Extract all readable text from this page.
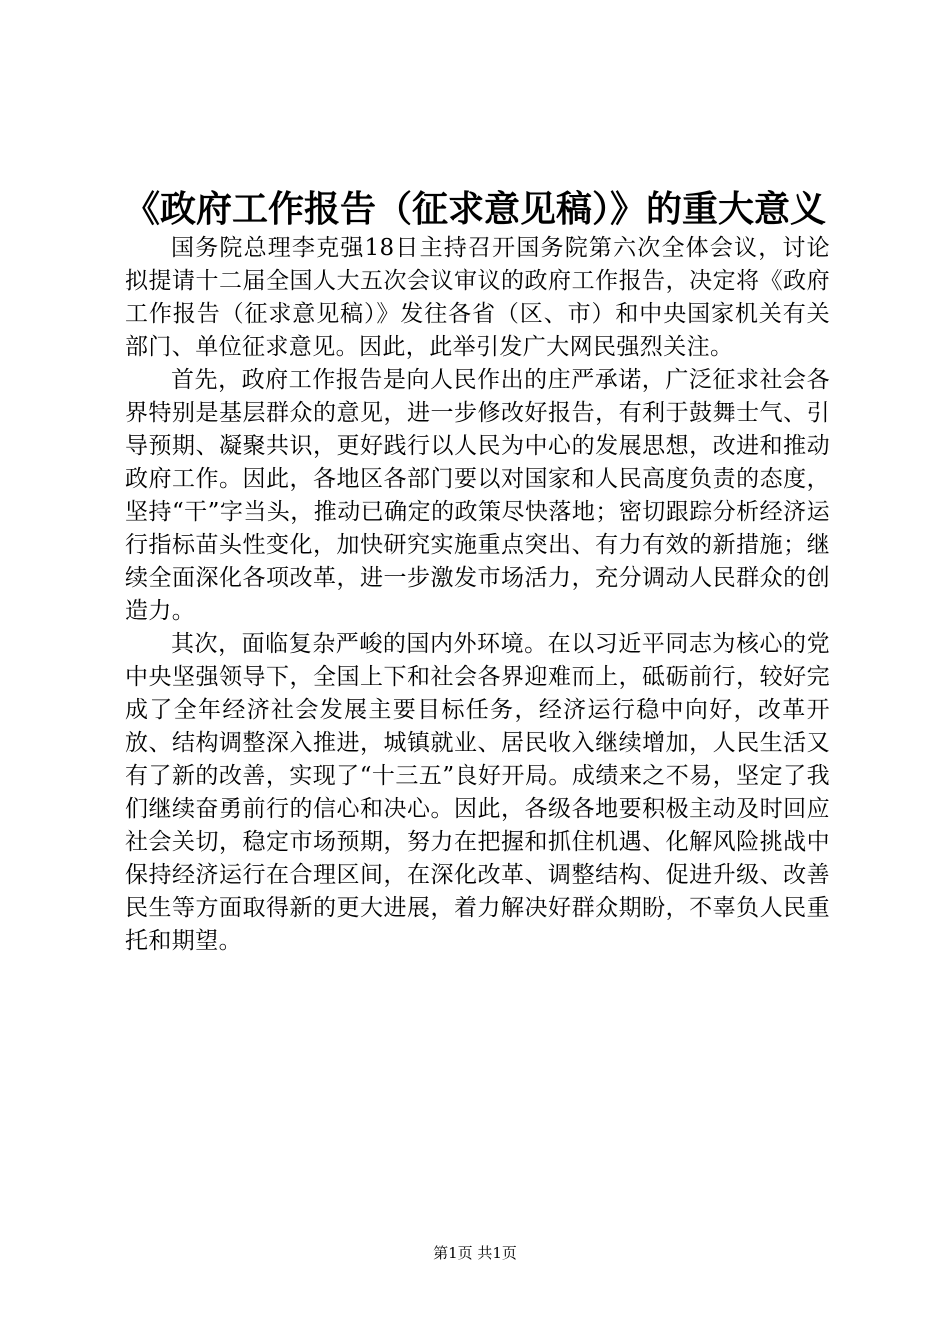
《政府工作报告（征求意见稿）》的重大意义

国务院总理李克强18日主持召开国务院第六次全体会议，讨论拟提请十二届全国人大五次会议审议的政府工作报告，决定将《政府工作报告（征求意见稿）》发往各省（区、市）和中央国家机关有关部门、单位征求意见。因此，此举引发广大网民强烈关注。

首先，政府工作报告是向人民作出的庄严承诺，广泛征求社会各界特别是基层群众的意见，进一步修改好报告，有利于鼓舞士气、引导预期、凝聚共识，更好践行以人民为中心的发展思想，改进和推动政府工作。因此，各地区各部门要以对国家和人民高度负责的态度，坚持“干”字当头，推动已确定的政策尽快落地；密切跟踪分析经济运行指标苗头性变化，加快研究实施重点突出、有力有效的新措施；继续全面深化各项改革，进一步激发市场活力，充分调动人民群众的创造力。

其次，面临复杂严峻的国内外环境。在以习近平同志为核心的党中央坚强领导下，全国上下和社会各界迎难而上，砥砺前行，较好完成了全年经济社会发展主要目标任务，经济运行稳中向好，改革开放、结构调整深入推进，城镇就业、居民收入继续增加，人民生活又有了新的改善，实现了“十三五”良好开局。成绩来之不易，坚定了我们继续奋勇前行的信心和决心。因此，各级各地要积极主动及时回应社会关切，稳定市场预期，努力在把握和抓住机遇、化解风险挑战中保持经济运行在合理区间，在深化改革、调整结构、促进升级、改善民生等方面取得新的更大进展，着力解决好群众期盼，不辜负人民重托和期望。

第1页 共1页
